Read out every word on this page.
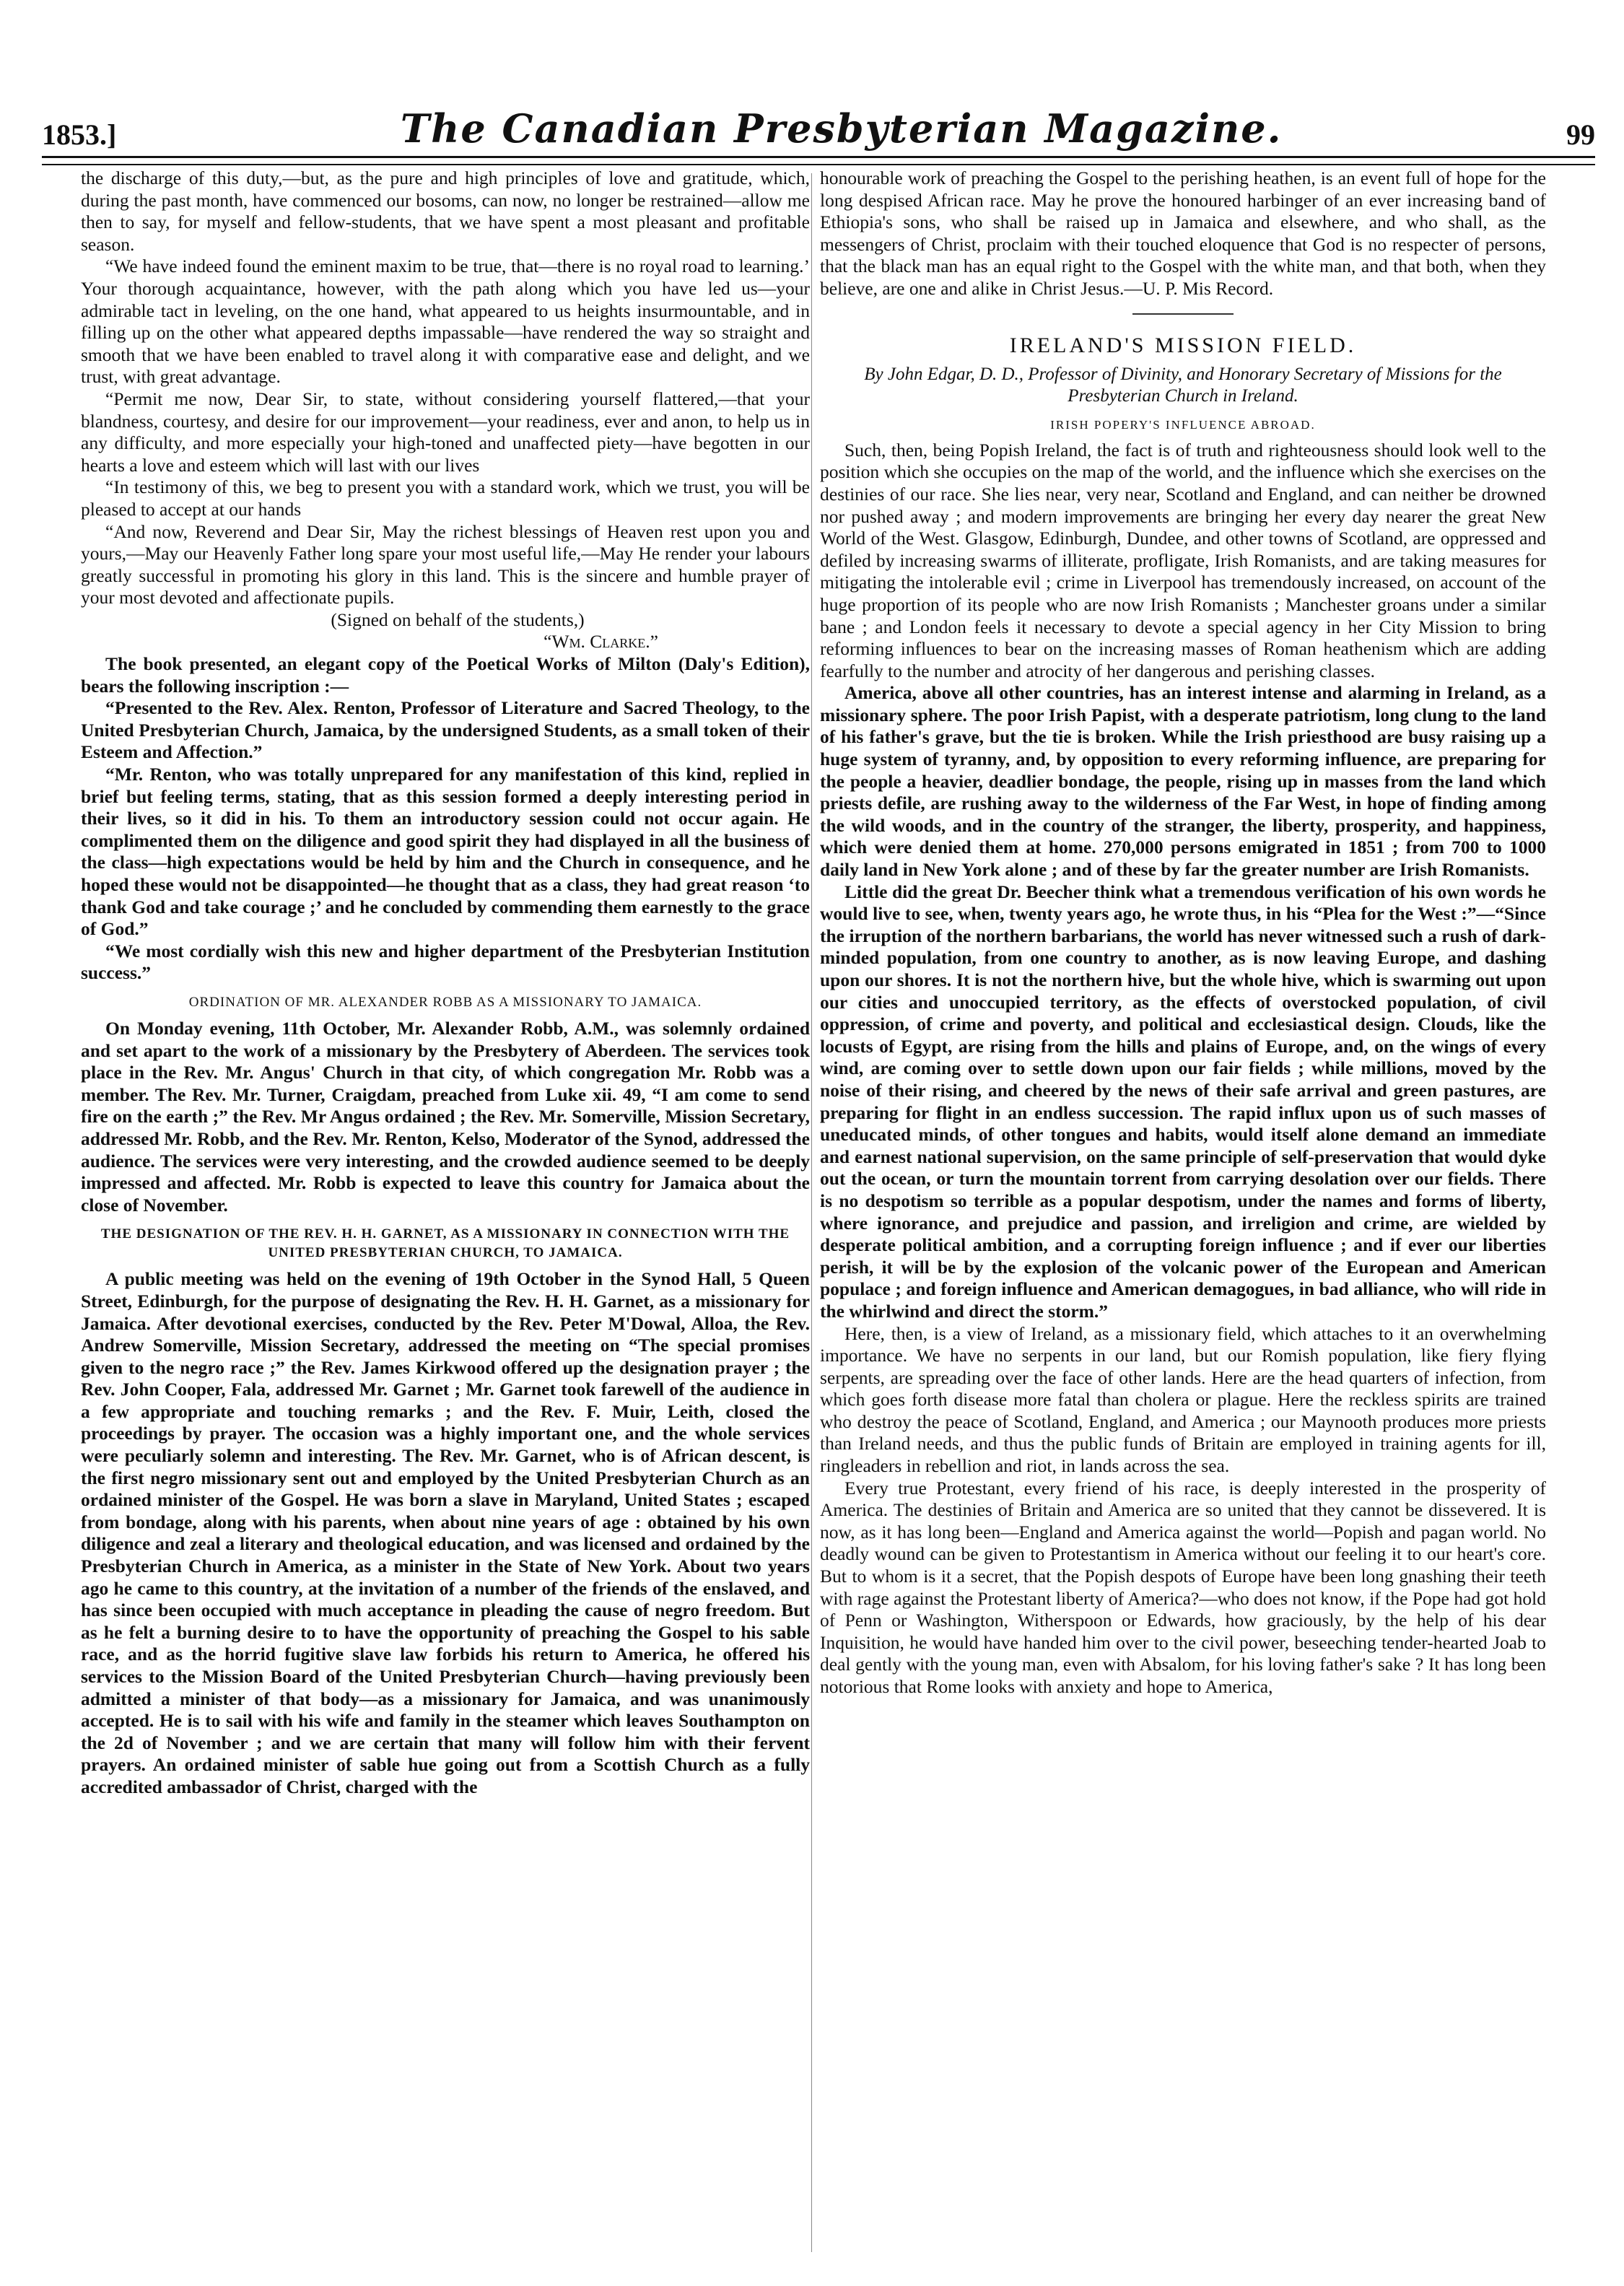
1853.]	The Canadian Presbyterian Magazine.	99

the discharge of this duty,—but, as the pure and high principles of love and gratitude, which, during the past month, have commenced our bosoms, can now, no longer be restrained—allow me then to say, for myself and fellow-students, that we have spent a most pleasant and profitable season.

“We have indeed found the eminent maxim to be true, that—there is no royal road to learning.’ Your thorough acquaintance, however, with the path along which you have led us—your admirable tact in leveling, on the one hand, what appeared to us heights insurmountable, and in filling up on the other what appeared depths impassable—have rendered the way so straight and smooth that we have been enabled to travel along it with comparative ease and delight, and we trust, with great advantage.

“Permit me now, Dear Sir, to state, without considering yourself flattered,—that your blandness, courtesy, and desire for our improvement—your readiness, ever and anon, to help us in any difficulty, and more especially your high-toned and unaffected piety—have begotten in our hearts a love and esteem which will last with our lives

“In testimony of this, we beg to present you with a standard work, which we trust, you will be pleased to accept at our hands

“And now, Reverend and Dear Sir, May the richest blessings of Heaven rest upon you and yours,—May our Heavenly Father long spare your most useful life,—May He render your labours greatly successful in promoting his glory in this land. This is the sincere and humble prayer of your most devoted and affectionate pupils.

(Signed on behalf of the students,)

“Wm. Clarke.”

The book presented, an elegant copy of the Poetical Works of Milton (Daly's Edition), bears the following inscription :—

“Presented to the Rev. Alex. Renton, Professor of Literature and Sacred Theology, to the United Presbyterian Church, Jamaica, by the undersigned Students, as a small token of their Esteem and Affection.”

“Mr. Renton, who was totally unprepared for any manifestation of this kind, replied in brief but feeling terms, stating, that as this session formed a deeply interesting period in their lives, so it did in his. To them an introductory session could not occur again. He complimented them on the diligence and good spirit they had displayed in all the business of the class—high expectations would be held by him and the Church in consequence, and he hoped these would not be disappointed—he thought that as a class, they had great reason ‘to thank God and take courage ;’ and he concluded by commending them earnestly to the grace of God.”

“We most cordially wish this new and higher department of the Presbyterian Institution success.”

ORDINATION OF MR. ALEXANDER ROBB AS A MISSIONARY TO JAMAICA.

On Monday evening, 11th October, Mr. Alexander Robb, A.M., was solemnly ordained and set apart to the work of a missionary by the Presbytery of Aberdeen. The services took place in the Rev. Mr. Angus' Church in that city, of which congregation Mr. Robb was a member. The Rev. Mr. Turner, Craigdam, preached from Luke xii. 49, “I am come to send fire on the earth ;” the Rev. Mr Angus ordained ; the Rev. Mr. Somerville, Mission Secretary, addressed Mr. Robb, and the Rev. Mr. Renton, Kelso, Moderator of the Synod, addressed the audience. The services were very interesting, and the crowded audience seemed to be deeply impressed and affected. Mr. Robb is expected to leave this country for Jamaica about the close of November.

THE DESIGNATION OF THE REV. H. H. GARNET, AS A MISSIONARY IN CONNECTION WITH THE UNITED PRESBYTERIAN CHURCH, TO JAMAICA.

A public meeting was held on the evening of 19th October in the Synod Hall, 5 Queen Street, Edinburgh, for the purpose of designating the Rev. H. H. Garnet, as a missionary for Jamaica. After devotional exercises, conducted by the Rev. Peter M'Dowal, Alloa, the Rev. Andrew Somerville, Mission Secretary, addressed the meeting on “The special promises given to the negro race ;” the Rev. James Kirkwood offered up the designation prayer ; the Rev. John Cooper, Fala, addressed Mr. Garnet ; Mr. Garnet took farewell of the audience in a few appropriate and touching remarks ; and the Rev. F. Muir, Leith, closed the proceedings by prayer. The occasion was a highly important one, and the whole services were peculiarly solemn and interesting. The Rev. Mr. Garnet, who is of African descent, is the first negro missionary sent out and employed by the United Presbyterian Church as an ordained minister of the Gospel. He was born a slave in Maryland, United States ; escaped from bondage, along with his parents, when about nine years of age : obtained by his own diligence and zeal a literary and theological education, and was licensed and ordained by the Presbyterian Church in America, as a minister in the State of New York. About two years ago he came to this country, at the invitation of a number of the friends of the enslaved, and has since been occupied with much acceptance in pleading the cause of negro freedom. But as he felt a burning desire to to have the opportunity of preaching the Gospel to his sable race, and as the horrid fugitive slave law forbids his return to America, he offered his services to the Mission Board of the United Presbyterian Church—having previously been admitted a minister of that body—as a missionary for Jamaica, and was unanimously accepted. He is to sail with his wife and family in the steamer which leaves Southampton on the 2d of November ; and we are certain that many will follow him with their fervent prayers. An ordained minister of sable hue going out from a Scottish Church as a fully accredited ambassador of Christ, charged with the

honourable work of preaching the Gospel to the perishing heathen, is an event full of hope for the long despised African race. May he prove the honoured harbinger of an ever increasing band of Ethiopia's sons, who shall be raised up in Jamaica and elsewhere, and who shall, as the messengers of Christ, proclaim with their touched eloquence that God is no respecter of persons, that the black man has an equal right to the Gospel with the white man, and that both, when they believe, are one and alike in Christ Jesus.—U. P. Mis Record.

IRELAND'S MISSION FIELD.
By John Edgar, D. D., Professor of Divinity, and Honorary Secretary of Missions for the Presbyterian Church in Ireland.
IRISH POPERY'S INFLUENCE ABROAD.

Such, then, being Popish Ireland, the fact is of truth and righteousness should look well to the position which she occupies on the map of the world, and the influence which she exercises on the destinies of our race. She lies near, very near, Scotland and England, and can neither be drowned nor pushed away ; and modern improvements are bringing her every day nearer the great New World of the West. Glasgow, Edinburgh, Dundee, and other towns of Scotland, are oppressed and defiled by increasing swarms of illiterate, profligate, Irish Romanists, and are taking measures for mitigating the intolerable evil ; crime in Liverpool has tremendously increased, on account of the huge proportion of its people who are now Irish Romanists ; Manchester groans under a similar bane ; and London feels it necessary to devote a special agency in her City Mission to bring reforming influences to bear on the increasing masses of Roman heathenism which are adding fearfully to the number and atrocity of her dangerous and perishing classes.

America, above all other countries, has an interest intense and alarming in Ireland, as a missionary sphere. The poor Irish Papist, with a desperate patriotism, long clung to the land of his father's grave, but the tie is broken. While the Irish priesthood are busy raising up a huge system of tyranny, and, by opposition to every reforming influence, are preparing for the people a heavier, deadlier bondage, the people, rising up in masses from the land which priests defile, are rushing away to the wilderness of the Far West, in hope of finding among the wild woods, and in the country of the stranger, the liberty, prosperity, and happiness, which were denied them at home. 270,000 persons emigrated in 1851 ; from 700 to 1000 daily land in New York alone ; and of these by far the greater number are Irish Romanists.

Little did the great Dr. Beecher think what a tremendous verification of his own words he would live to see, when, twenty years ago, he wrote thus, in his “Plea for the West :”—“Since the irruption of the northern barbarians, the world has never witnessed such a rush of dark-minded population, from one country to another, as is now leaving Europe, and dashing upon our shores. It is not the northern hive, but the whole hive, which is swarming out upon our cities and unoccupied territory, as the effects of overstocked population, of civil oppression, of crime and poverty, and political and ecclesiastical design. Clouds, like the locusts of Egypt, are rising from the hills and plains of Europe, and, on the wings of every wind, are coming over to settle down upon our fair fields ; while millions, moved by the noise of their rising, and cheered by the news of their safe arrival and green pastures, are preparing for flight in an endless succession. The rapid influx upon us of such masses of uneducated minds, of other tongues and habits, would itself alone demand an immediate and earnest national supervision, on the same principle of self-preservation that would dyke out the ocean, or turn the mountain torrent from carrying desolation over our fields. There is no despotism so terrible as a popular despotism, under the names and forms of liberty, where ignorance, and prejudice and passion, and irreligion and crime, are wielded by desperate political ambition, and a corrupting foreign influence ; and if ever our liberties perish, it will be by the explosion of the volcanic power of the European and American populace ; and foreign influence and American demagogues, in bad alliance, who will ride in the whirlwind and direct the storm.”

Here, then, is a view of Ireland, as a missionary field, which attaches to it an overwhelming importance. We have no serpents in our land, but our Romish population, like fiery flying serpents, are spreading over the face of other lands. Here are the head quarters of infection, from which goes forth disease more fatal than cholera or plague. Here the reckless spirits are trained who destroy the peace of Scotland, England, and America ; our Maynooth produces more priests than Ireland needs, and thus the public funds of Britain are employed in training agents for ill, ringleaders in rebellion and riot, in lands across the sea.

Every true Protestant, every friend of his race, is deeply interested in the prosperity of America. The destinies of Britain and America are so united that they cannot be dissevered. It is now, as it has long been—England and America against the world—Popish and pagan world. No deadly wound can be given to Protestantism in America without our feeling it to our heart's core. But to whom is it a secret, that the Popish despots of Europe have been long gnashing their teeth with rage against the Protestant liberty of America?—who does not know, if the Pope had got hold of Penn or Washington, Witherspoon or Edwards, how graciously, by the help of his dear Inquisition, he would have handed him over to the civil power, beseeching tender-hearted Joab to deal gently with the young man, even with Absalom, for his loving father's sake ? It has long been notorious that Rome looks with anxiety and hope to America,
